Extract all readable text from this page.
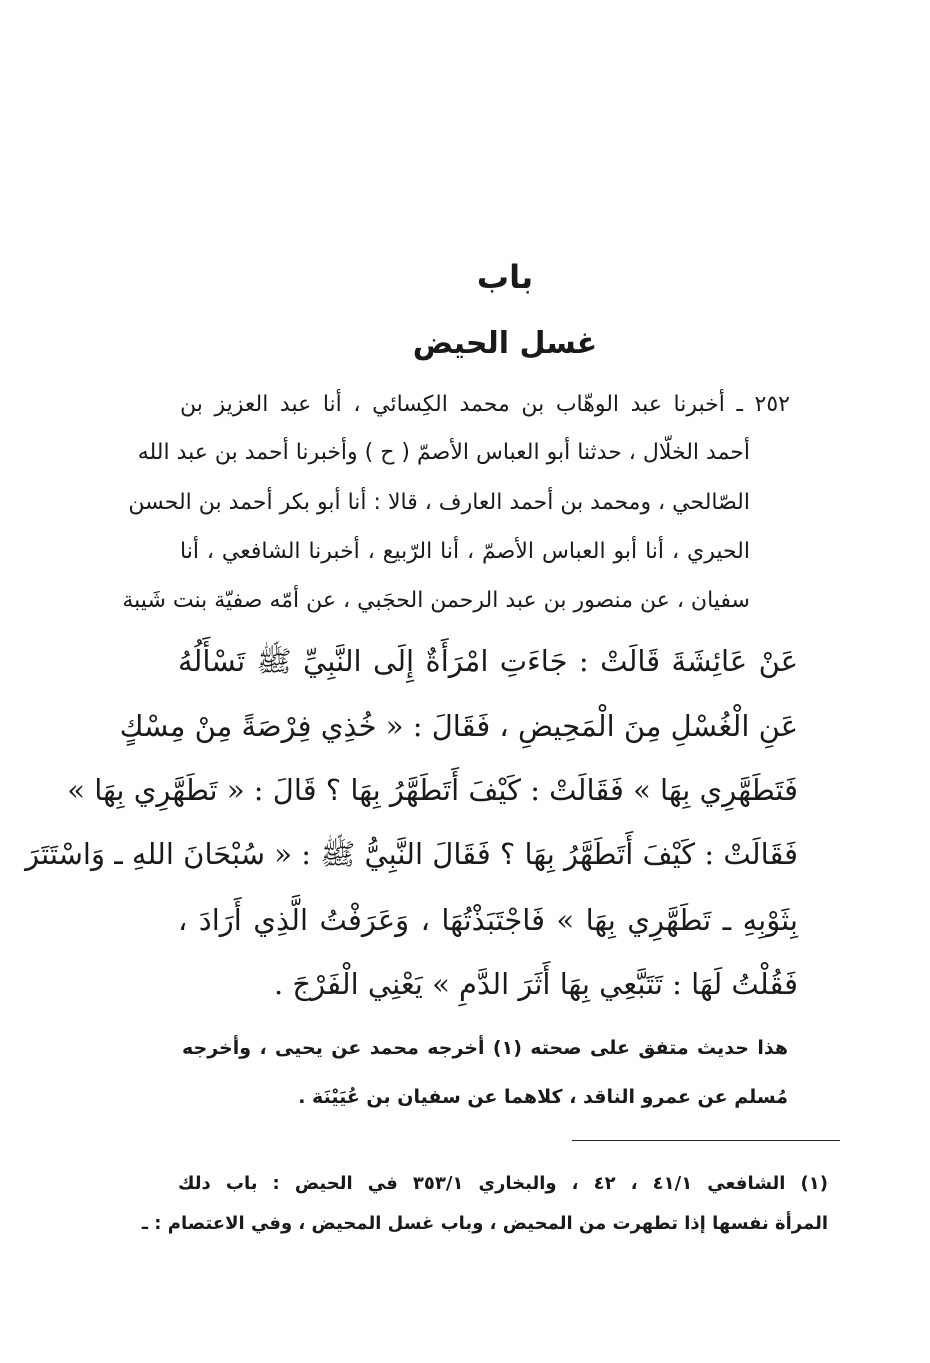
باب
غسل الحيض
٢٥٢ ـ أخبرنا عبد الوهّاب بن محمد الكِسائي ، أنا عبد العزيز بن
أحمد الخلّال ، حدثنا أبو العباس الأصمّ ( ح ) وأخبرنا أحمد بن عبد الله
الصّالحي ، ومحمد بن أحمد العارف ، قالا : أنا أبو بكر أحمد بن الحسن
الحيري ، أنا أبو العباس الأصمّ ، أنا الرّبيع ، أخبرنا الشافعي ، أنا
سفيان ، عن منصور بن عبد الرحمن الحجَبي ، عن أمّه صفيّة بنت شَيبة
عَنْ عَائِشَةَ قَالَتْ : جَاءَتِ امْرَأَةٌ إِلَى النَّبِيِّ ﷺ تَسْأَلُهُ
عَنِ الْغُسْلِ مِنَ الْمَحِيضِ ، فَقَالَ : « خُذِي فِرْصَةً مِنْ مِسْكٍ
فَتَطَهَّرِي بِهَا » فَقَالَتْ : كَيْفَ أَتَطَهَّرُ بِهَا ؟ قَالَ : « تَطَهَّرِي بِهَا »
فَقَالَتْ : كَيْفَ أَتَطَهَّرُ بِهَا ؟ فَقَالَ النَّبِيُّ ﷺ : « سُبْحَانَ اللهِ ـ وَاسْتَتَرَ
بِثَوْبِهِ ـ تَطَهَّرِي بِهَا » فَاجْتَبَذْتُهَا ، وَعَرَفْتُ الَّذِي أَرَادَ ،
فَقُلْتُ لَهَا : تَتَبَّعِي بِهَا أَثَرَ الدَّمِ » يَعْنِي الْفَرْجَ .
هذا حديث متفق على صحته (١) أخرجه محمد عن يحيى ، وأخرجه
مُسلم عن عمرو الناقد ، كلاهما عن سفيان بن عُيَيْنَة .
(١) الشافعي ٤١/١ ، ٤٢ ، والبخاري ٣٥٣/١ في الحيض : باب دلك
المرأة نفسها إذا تطهرت من المحيض ، وباب غسل المحيض ، وفي الاعتصام : ـ
